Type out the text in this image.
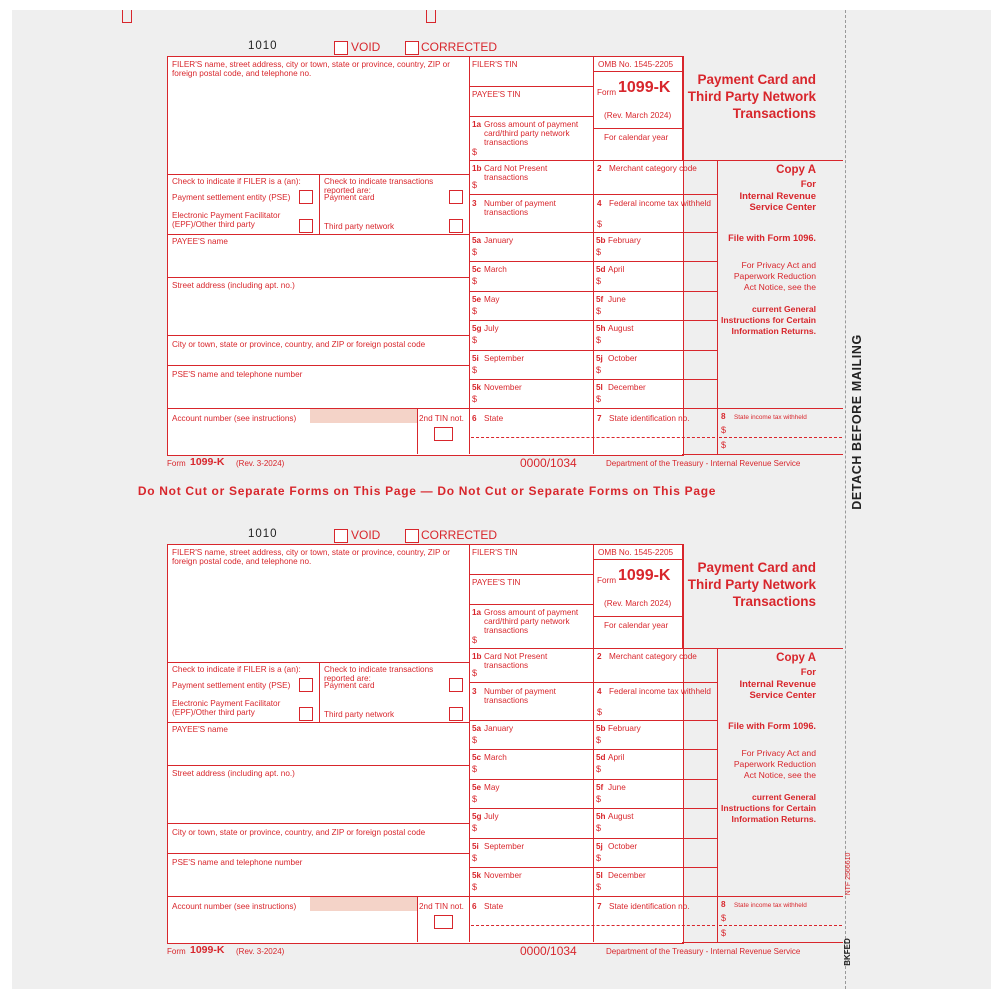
1010	VOID	CORRECTED
FILER'S name, street address, city or town, state or province, country, ZIP or foreign postal code, and telephone no.
FILER'S TIN
PAYEE'S TIN
1a Gross amount of payment card/third party network transactions
$
OMB No. 1545-2205
Form 1099-K
(Rev. March 2024)
For calendar year
Payment Card and Third Party Network Transactions
Check to indicate if FILER is a (an):
Payment settlement entity (PSE)
Electronic Payment Facilitator (EPF)/Other third party
Check to indicate transactions reported are:
Payment card
Third party network
PAYEE'S name
Street address (including apt. no.)
City or town, state or province, country, and ZIP or foreign postal code
PSE'S name and telephone number
Account number (see instructions)	2nd TIN not.
1b Card Not Present transactions
$
2 Merchant category code
3 Number of payment transactions
4 Federal income tax withheld
$
5a January
$
5b February
$
5c March
$
5d April
$
5e May
$
5f June
$
5g July
$
5h August
$
5i September
$
5j October
$
5k November
$
5l December
$
6 State	7 State identification no.	8 State income tax withheld
$
$
Copy A
For
Internal Revenue Service Center
File with Form 1096.
For Privacy Act and Paperwork Reduction Act Notice, see the
current General Instructions for Certain Information Returns.
Form 1099-K (Rev. 3-2024)	0000/1034	Department of the Treasury - Internal Revenue Service
Do Not Cut or Separate Forms on This Page — Do Not Cut or Separate Forms on This Page
1010	VOID	CORRECTED
FILER'S name, street address, city or town, state or province, country, ZIP or foreign postal code, and telephone no.
FILER'S TIN
PAYEE'S TIN
1a Gross amount of payment card/third party network transactions
$
OMB No. 1545-2205
Form 1099-K
(Rev. March 2024)
For calendar year
Payment Card and Third Party Network Transactions
Check to indicate if FILER is a (an):
Payment settlement entity (PSE)
Electronic Payment Facilitator (EPF)/Other third party
Check to indicate transactions reported are:
Payment card
Third party network
PAYEE'S name
Street address (including apt. no.)
City or town, state or province, country, and ZIP or foreign postal code
PSE'S name and telephone number
Account number (see instructions)	2nd TIN not.
1b Card Not Present transactions
$
2 Merchant category code
3 Number of payment transactions
4 Federal income tax withheld
$
5a January
$
5b February
$
5c March
$
5d April
$
5e May
$
5f June
$
5g July
$
5h August
$
5i September
$
5j October
$
5k November
$
5l December
$
6 State	7 State identification no.	8 State income tax withheld
$
$
Copy A
For
Internal Revenue Service Center
File with Form 1096.
For Privacy Act and Paperwork Reduction Act Notice, see the
current General Instructions for Certain Information Returns.
Form 1099-K (Rev. 3-2024)	0000/1034	Department of the Treasury - Internal Revenue Service
DETACH BEFORE MAILING
NTF 2566610
BKFED
